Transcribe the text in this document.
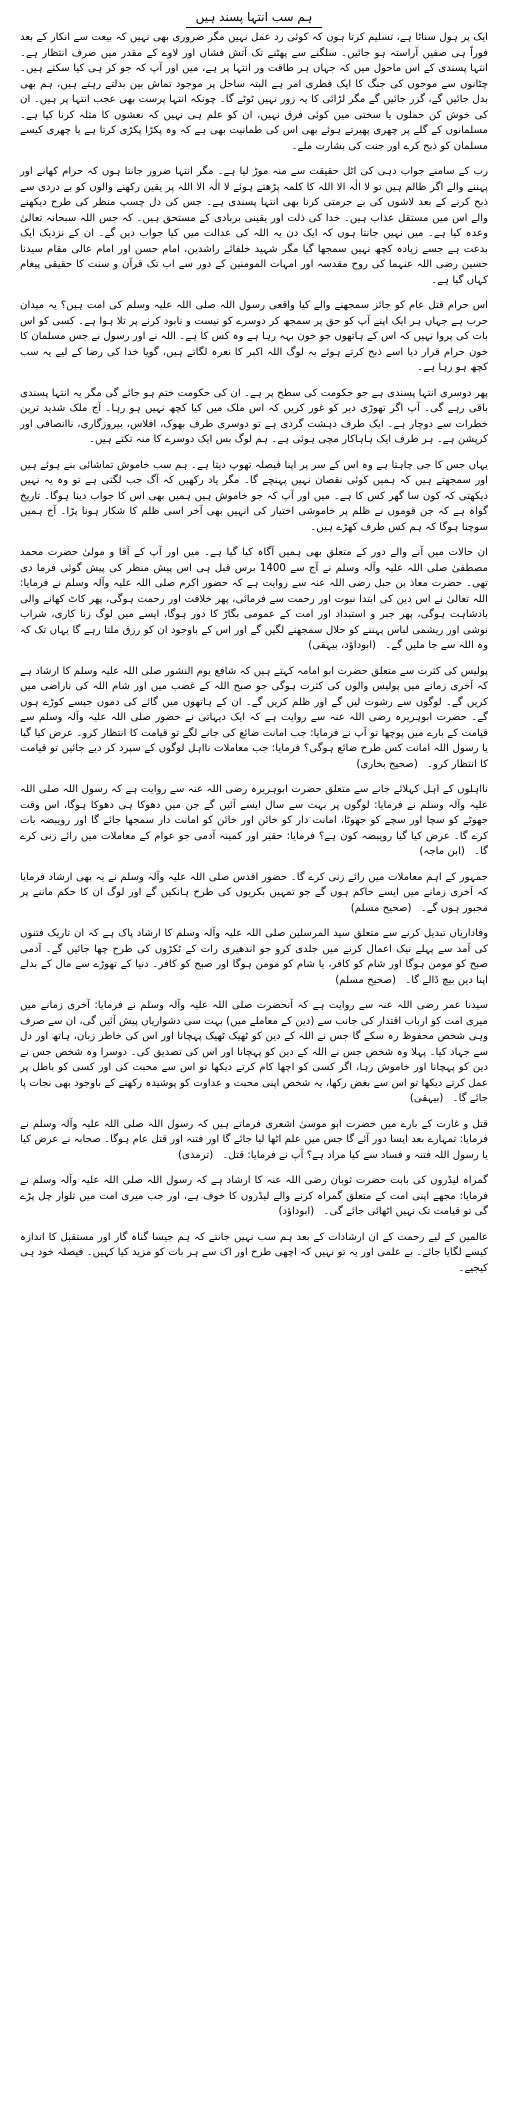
ہم سب انتہا پسند ہیں

ایک پر ہول سناٹا ہے، تسلیم کرتا ہوں کہ کوئی رد عمل نہیں مگر ضروری بھی نہیں کہ بیعت سے انکار کے بعد فوراً ہی صفیں آراستہ ہو جائیں۔ سلگنے سے پھٹنے تک آتش فشاں اور لاوے کے مقدر میں صرف انتظار ہے۔ انتہا پسندی کے اس ماحول میں کہ جہاں ہر طاقت ور انتہا پر ہے، میں اور آپ کہ جو کر ہی کیا سکتے ہیں۔ چٹانوں سے موجوں کی جنگ کا ایک فطری امر ہے البتہ ساحل پر موجود تماش بین بدلتے رہتے ہیں، ہم بھی بدل جائیں گے، گزر جائیں گے مگر لڑائی کا یہ زور نہیں ٹوٹے گا۔ چونکہ انتہا پرست بھی عجب انتہا پر ہیں۔ ان کی خوش کن حملوں یا سختی میں کوئی فرق نہیں، ان کو علم ہی نہیں کہ نعشوں کا مثلہ کرنا کیا ہے۔ مسلمانوں کے گلے پر چھری پھیرتے ہوئے بھی اس کی طمانیت بھی ہے کہ وہ پکڑا پکڑی کرتا ہے یا چھری کیسے مسلمان کو ذبح کرے اور جنت کی بشارت ملے۔

رب کے سامنے جواب دہی کی اٹل حقیقت سے منہ موڑ لیا ہے۔ مگر انتہا ضرور جانتا ہوں کہ حرام کھانے اور پہننے والے اگر ظالم ہیں تو لا الٰہ الا اللہ کا کلمہ پڑھتے ہوئے لا الٰہ الا اللہ پر یقین رکھنے والوں کو بے دردی سے ذبح کرنے کے بعد لاشوں کی بے حرمتی کرنا بھی انتہا پسندی ہے۔ جس کی دل چسپ منظر کی طرح دیکھنے والے اس میں مستقل عذاب ہیں۔ خدا کی ذلت اور یقینی بربادی کے مستحق ہیں۔ کہ جس اللہ سبحانہ تعالیٰ وعدہ کیا ہے۔ میں نہیں جانتا ہوں کہ ایک دن یہ اللہ کی عدالت میں کیا جواب دیں گے۔ ان کے نزدیک ایک بدعت ہے جسے زیادہ کچھ نہیں سمجھا گیا مگر شہید خلفائے راشدین، امام حسن اور امام عالی مقام سیدنا حسین رضی اللہ عنہما کی روح مقدسہ اور امہات المومنین کے دور سے اب تک قرآن و سنت کا حقیقی پیغام کہاں گیا ہے۔

اس حرام قتل عام کو جائز سمجھنے والے کیا واقعی رسول اللہ صلی اللہ علیہ وسلم کی امت ہیں؟ یہ میدان حرب ہے جہاں ہر ایک اپنے آپ کو حق پر سمجھ کر دوسرے کو نیست و نابود کرنے پر تلا ہوا ہے۔ کسی کو اس بات کی پروا نہیں کہ اس کے ہاتھوں جو خون بہہ رہا ہے وہ کس کا ہے۔ اللہ نے اور رسول نے جس مسلمان کا خون حرام قرار دیا اسے ذبح کرتے ہوئے یہ لوگ اللہ اکبر کا نعرہ لگاتے ہیں، گویا خدا کی رضا کے لیے یہ سب کچھ ہو رہا ہے۔

پھر دوسری انتہا پسندی ہے جو حکومت کی سطح پر ہے۔ ان کی حکومت ختم ہو جائے گی مگر یہ انتہا پسندی باقی رہے گی۔ آپ اگر تھوڑی دیر کو غور کریں کہ اس ملک میں کیا کچھ نہیں ہو رہا۔ آج ملک شدید ترین خطرات سے دوچار ہے۔ ایک طرف دہشت گردی ہے تو دوسری طرف بھوک، افلاس، بیروزگاری، ناانصافی اور کرپشن ہے۔ ہر طرف ایک ہاہاکار مچی ہوئی ہے۔ ہم لوگ بس ایک دوسرے کا منہ تکتے ہیں۔

یہاں جس کا جی چاہتا ہے وہ اس کے سر پر اپنا فیصلہ تھوپ دیتا ہے۔ ہم سب خاموش تماشائی بنے ہوئے ہیں اور سمجھتے ہیں کہ ہمیں کوئی نقصان نہیں پہنچے گا۔ مگر یاد رکھیں کہ آگ جب لگتی ہے تو وہ یہ نہیں دیکھتی کہ کون سا گھر کس کا ہے۔ میں اور آپ کہ جو خاموش ہیں ہمیں بھی اس کا جواب دینا ہوگا۔ تاریخ گواہ ہے کہ جن قوموں نے ظلم پر خاموشی اختیار کی انہیں بھی آخر اسی ظلم کا شکار ہونا پڑا۔ آج ہمیں سوچنا ہوگا کہ ہم کس طرف کھڑے ہیں۔

ان حالات میں آنے والے دور کے متعلق بھی ہمیں آگاہ کیا گیا ہے۔ میں اور آپ کے آقا و مولیٰ حضرت محمد مصطفیٰ صلی اللہ علیہ وآلہ وسلم نے آج سے 1400 برس قبل ہی اس پیش منظر کی پیش گوئی فرما دی تھی۔ حضرت معاذ بن جبل رضی اللہ عنہ سے روایت ہے کہ حضور اکرم صلی اللہ علیہ وآلہ وسلم نے فرمایا: اللہ تعالیٰ نے اس دین کی ابتدا نبوت اور رحمت سے فرمائی، پھر خلافت اور رحمت ہوگی، پھر کاٹ کھانے والی بادشاہت ہوگی، پھر جبر و استبداد اور امت کے عمومی بگاڑ کا دور ہوگا، ایسے میں لوگ زنا کاری، شراب نوشی اور ریشمی لباس پہننے کو حلال سمجھنے لگیں گے اور اس کے باوجود ان کو رزق ملتا رہے گا یہاں تک کہ وہ اللہ سے جا ملیں گے۔ (ابوداؤد، بیہقی)

پولیس کی کثرت سے متعلق حضرت ابو امامہ کہتے ہیں کہ شافع یوم النشور صلی اللہ علیہ وسلم کا ارشاد ہے کہ آخری زمانے میں پولیس والوں کی کثرت ہوگی جو صبح اللہ کے غضب میں اور شام اللہ کی ناراضی میں کریں گے۔ لوگوں سے رشوت لیں گے اور ظلم کریں گے۔ ان کے ہاتھوں میں گائے کی دموں جیسے کوڑے ہوں گے۔ حضرت ابوہریرہ رضی اللہ عنہ سے روایت ہے کہ ایک دیہاتی نے حضور صلی اللہ علیہ وآلہ وسلم سے قیامت کے بارے میں پوچھا تو آپ نے فرمایا: جب امانت ضائع کی جانے لگے تو قیامت کا انتظار کرو۔ عرض کیا گیا یا رسول اللہ امانت کس طرح ضائع ہوگی؟ فرمایا: جب معاملات نااہل لوگوں کے سپرد کر دیے جائیں تو قیامت کا انتظار کرو۔ (صحیح بخاری)

نااہلوں کے اہل کہلائے جانے سے متعلق حضرت ابوہریرہ رضی اللہ عنہ سے روایت ہے کہ رسول اللہ صلی اللہ علیہ وآلہ وسلم نے فرمایا: لوگوں پر بہت سے سال ایسے آئیں گے جن میں دھوکا ہی دھوکا ہوگا، اس وقت جھوٹے کو سچا اور سچے کو جھوٹا، امانت دار کو خائن اور خائن کو امانت دار سمجھا جائے گا اور رویبضہ بات کرے گا۔ عرض کیا گیا رویبضہ کون ہے؟ فرمایا: حقیر اور کمینہ آدمی جو عوام کے معاملات میں رائے زنی کرے گا۔ (ابن ماجہ)

جمہور کے اہم معاملات میں رائے زنی کرے گا۔ حضور اقدس صلی اللہ علیہ وآلہ وسلم نے یہ بھی ارشاد فرمایا کہ آخری زمانے میں ایسے حاکم ہوں گے جو تمہیں بکریوں کی طرح ہانکیں گے اور لوگ ان کا حکم ماننے پر مجبور ہوں گے۔ (صحیح مسلم)

وفاداریاں تبدیل کرنے سے متعلق سید المرسلین صلی اللہ علیہ وآلہ وسلم کا ارشاد پاک ہے کہ ان تاریک فتنوں کی آمد سے پہلے نیک اعمال کرنے میں جلدی کرو جو اندھیری رات کے ٹکڑوں کی طرح چھا جائیں گے۔ آدمی صبح کو مومن ہوگا اور شام کو کافر، یا شام کو مومن ہوگا اور صبح کو کافر۔ دنیا کے تھوڑے سے مال کے بدلے اپنا دین بیچ ڈالے گا۔ (صحیح مسلم)

سیدنا عمر رضی اللہ عنہ سے روایت ہے کہ آنحضرت صلی اللہ علیہ وآلہ وسلم نے فرمایا: آخری زمانے میں میری امت کو ارباب اقتدار کی جانب سے (دین کے معاملے میں) بہت سی دشواریاں پیش آئیں گی، ان سے صرف وہی شخص محفوظ رہ سکے گا جس نے اللہ کے دین کو ٹھیک ٹھیک پہچانا اور اس کی خاطر زبان، ہاتھ اور دل سے جہاد کیا۔ پہلا وہ شخص جس نے اللہ کے دین کو پہچانا اور اس کی تصدیق کی۔ دوسرا وہ شخص جس نے دین کو پہچانا اور خاموش رہا، اگر کسی کو اچھا کام کرتے دیکھا تو اس سے محبت کی اور کسی کو باطل پر عمل کرتے دیکھا تو اس سے بغض رکھا، یہ شخص اپنی محبت و عداوت کو پوشیدہ رکھنے کے باوجود بھی نجات پا جائے گا۔ (بیہقی)

قتل و غارت کے بارے میں حضرت ابو موسیٰ اشعری فرماتے ہیں کہ رسول اللہ صلی اللہ علیہ وآلہ وسلم نے فرمایا: تمہارے بعد ایسا دور آئے گا جس میں علم اٹھا لیا جائے گا اور فتنہ اور قتل عام ہوگا۔ صحابہ نے عرض کیا یا رسول اللہ فتنہ و فساد سے کیا مراد ہے؟ آپ نے فرمایا: قتل۔ (ترمذی)

گمراہ لیڈروں کی بابت حضرت ثوبان رضی اللہ عنہ کا ارشاد ہے کہ رسول اللہ صلی اللہ علیہ وآلہ وسلم نے فرمایا: مجھے اپنی امت کے متعلق گمراہ کرنے والے لیڈروں کا خوف ہے، اور جب میری امت میں تلوار چل پڑے گی تو قیامت تک نہیں اٹھائی جائے گی۔ (ابوداؤد)

عالمین کے لیے رحمت کے ان ارشادات کے بعد ہم سب نہیں جانتے کہ ہم جیسا گناہ گار اور مستقبل کا اندازہ کیسے لگایا جائے۔ بے علمی اور یہ تو نہیں کہ اچھی طرح اور اک سے ہر بات کو مزید کیا کہیں۔ فیصلہ خود ہی کیجیے۔
